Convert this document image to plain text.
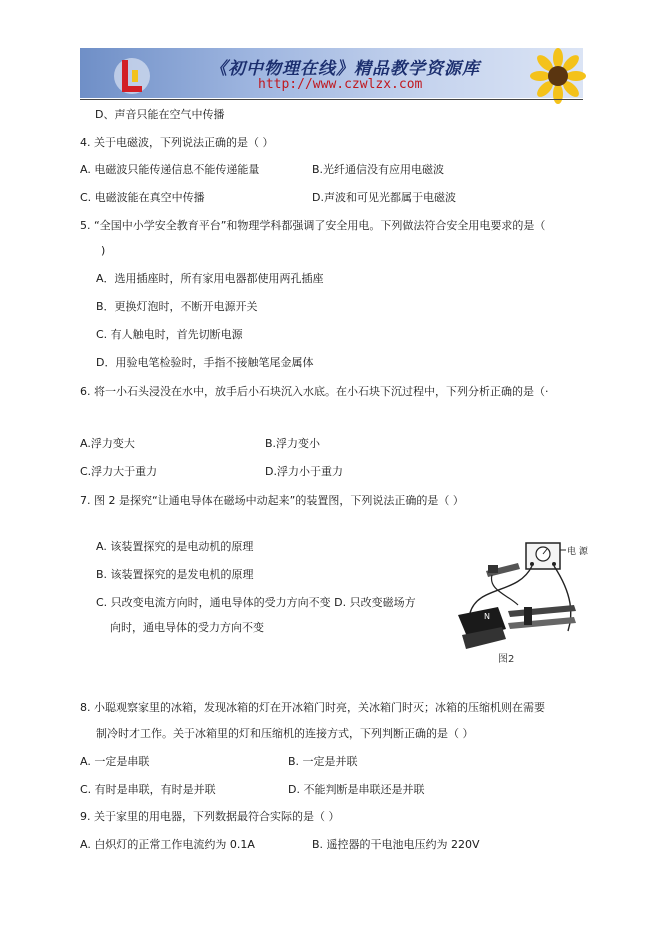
《初中物理在线》精品教学资源库
http://www.czwlzx.com
D、声音只能在空气中传播
4. 关于电磁波，下列说法正确的是（ ）
A. 电磁波只能传递信息不能传递能量	B.光纤通信没有应用电磁波
C. 电磁波能在真空中传播	D.声波和可见光都属于电磁波
5. “全国中小学安全教育平台”和物理学科都强调了安全用电。下列做法符合安全用电要求的是（
)
A．选用插座时，所有家用电器都使用两孔插座
B．更换灯泡时，不断开电源开关
C. 有人触电时，首先切断电源
D．用验电笔检验时，手指不接触笔尾金属体
6. 将一小石头浸没在水中，放手后小石块沉入水底。在小石块下沉过程中，下列分析正确的是（·
A.浮力变大	B.浮力变小
C.浮力大于重力	D.浮力小于重力
7. 图 2 是探究“让通电导体在磁场中动起来”的装置图，下列说法正确的是（ ）
A. 该装置探究的是电动机的原理
B. 该装置探究的是发电机的原理
C. 只改变电流方向时，通电导体的受力方向不变 D. 只改变磁场方
向时，通电导体的受力方向不变
电 源
N
图2
8. 小聪观察家里的冰箱，发现冰箱的灯在开冰箱门时亮，关冰箱门时灭；冰箱的压缩机则在需要
制冷时才工作。关于冰箱里的灯和压缩机的连接方式，下列判断正确的是（ ）
A. 一定是串联	B. 一定是并联
C. 有时是串联，有时是并联	D. 不能判断是串联还是并联
9. 关于家里的用电器，下列数据最符合实际的是（ ）
A. 白炽灯的正常工作电流约为 0.1A	B. 遥控器的干电池电压约为 220V
